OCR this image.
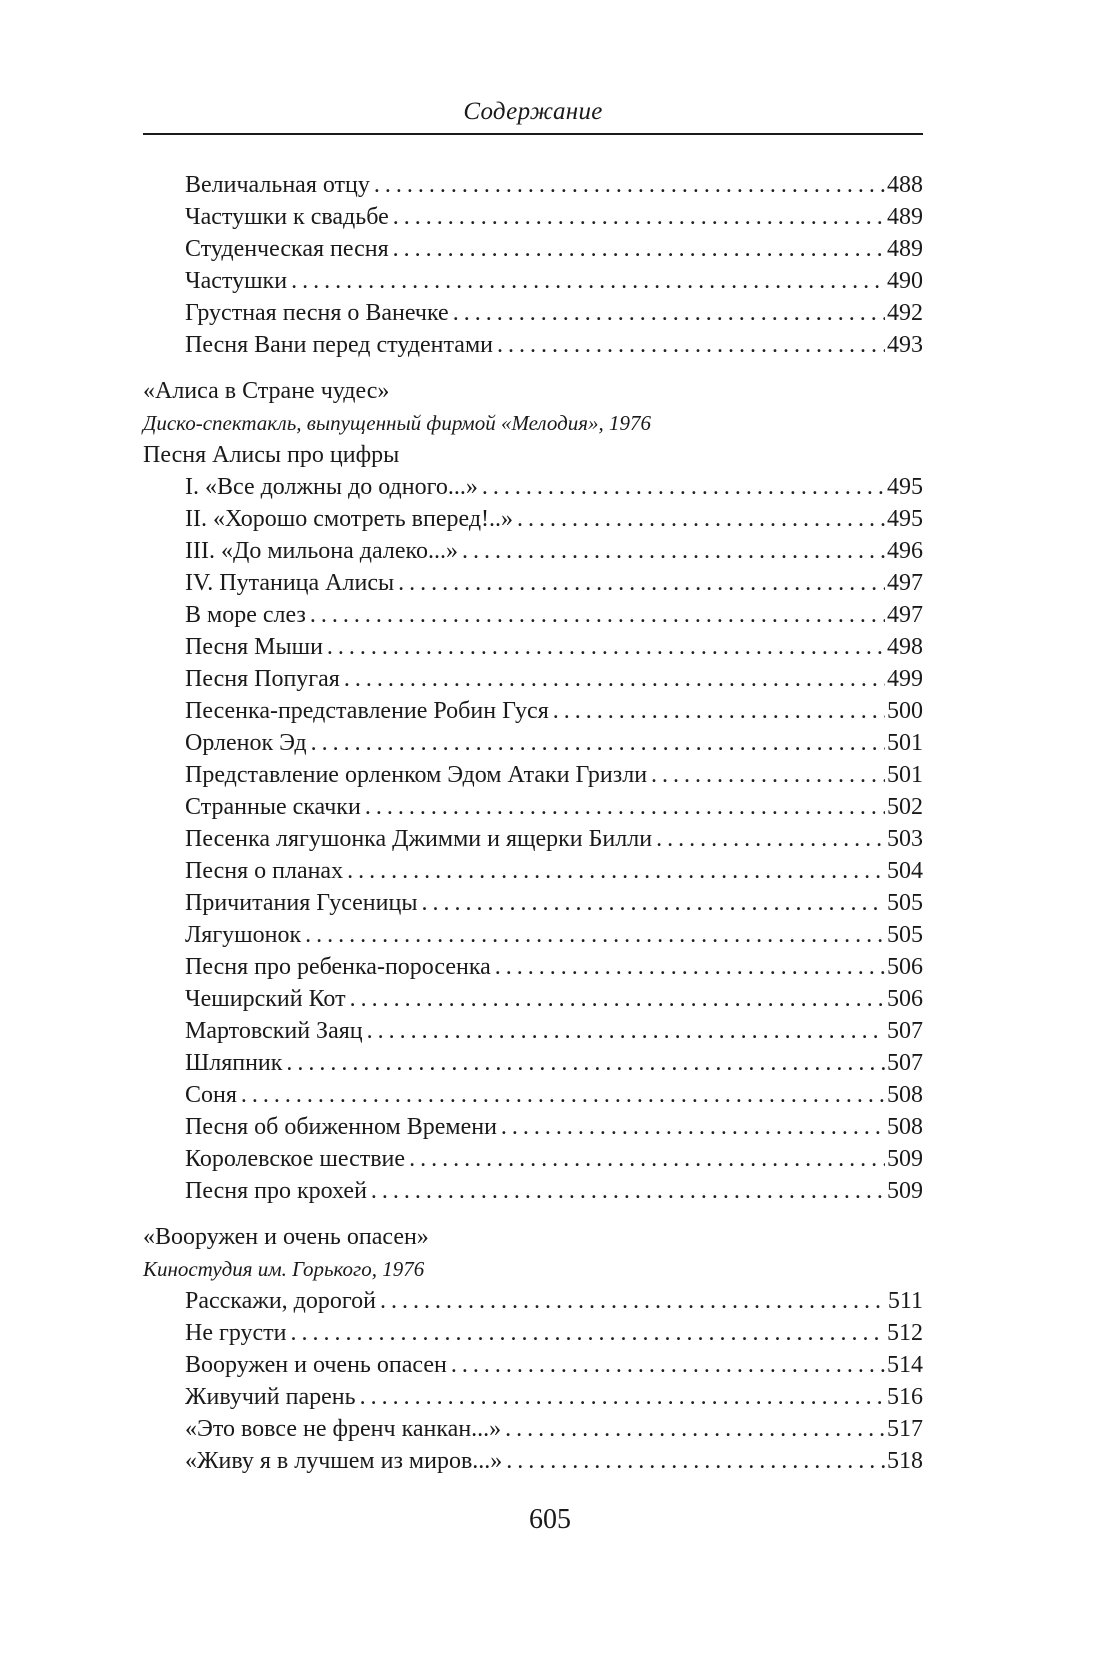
Содержание
Величальная отцу . . .	488
Частушки к свадьбе . . .	489
Студенческая песня . . .	489
Частушки . . .	490
Грустная песня о Ванечке . . .	492
Песня Вани перед студентами . . .	493
«Алиса в Стране чудес»
Диско-спектакль, выпущенный фирмой «Мелодия», 1976
Песня Алисы про цифры
I. «Все должны до одного...» . . .	495
II. «Хорошо смотреть вперед!..» . . .	495
III. «До мильона далеко...» . . .	496
IV. Путаница Алисы . . .	497
В море слез . . .	497
Песня Мыши . . .	498
Песня Попугая . . .	499
Песенка-представление Робин Гуся . . .	500
Орленок Эд . . .	501
Представление орленком Эдом Атаки Гризли . . .	501
Странные скачки . . .	502
Песенка лягушонка Джимми и ящерки Билли . . .	503
Песня о планах . . .	504
Причитания Гусеницы . . .	505
Лягушонок . . .	505
Песня про ребенка-поросенка . . .	506
Чеширский Кот . . .	506
Мартовский Заяц . . .	507
Шляпник . . .	507
Соня . . .	508
Песня об обиженном Времени . . .	508
Королевское шествие . . .	509
Песня про крохей . . .	509
«Вооружен и очень опасен»
Киностудия им. Горького, 1976
Расскажи, дорогой . . .	511
Не грусти . . .	512
Вооружен и очень опасен . . .	514
Живучий парень . . .	516
«Это вовсе не френч канкан...» . . .	517
«Живу я в лучшем из миров...» . . .	518
605
